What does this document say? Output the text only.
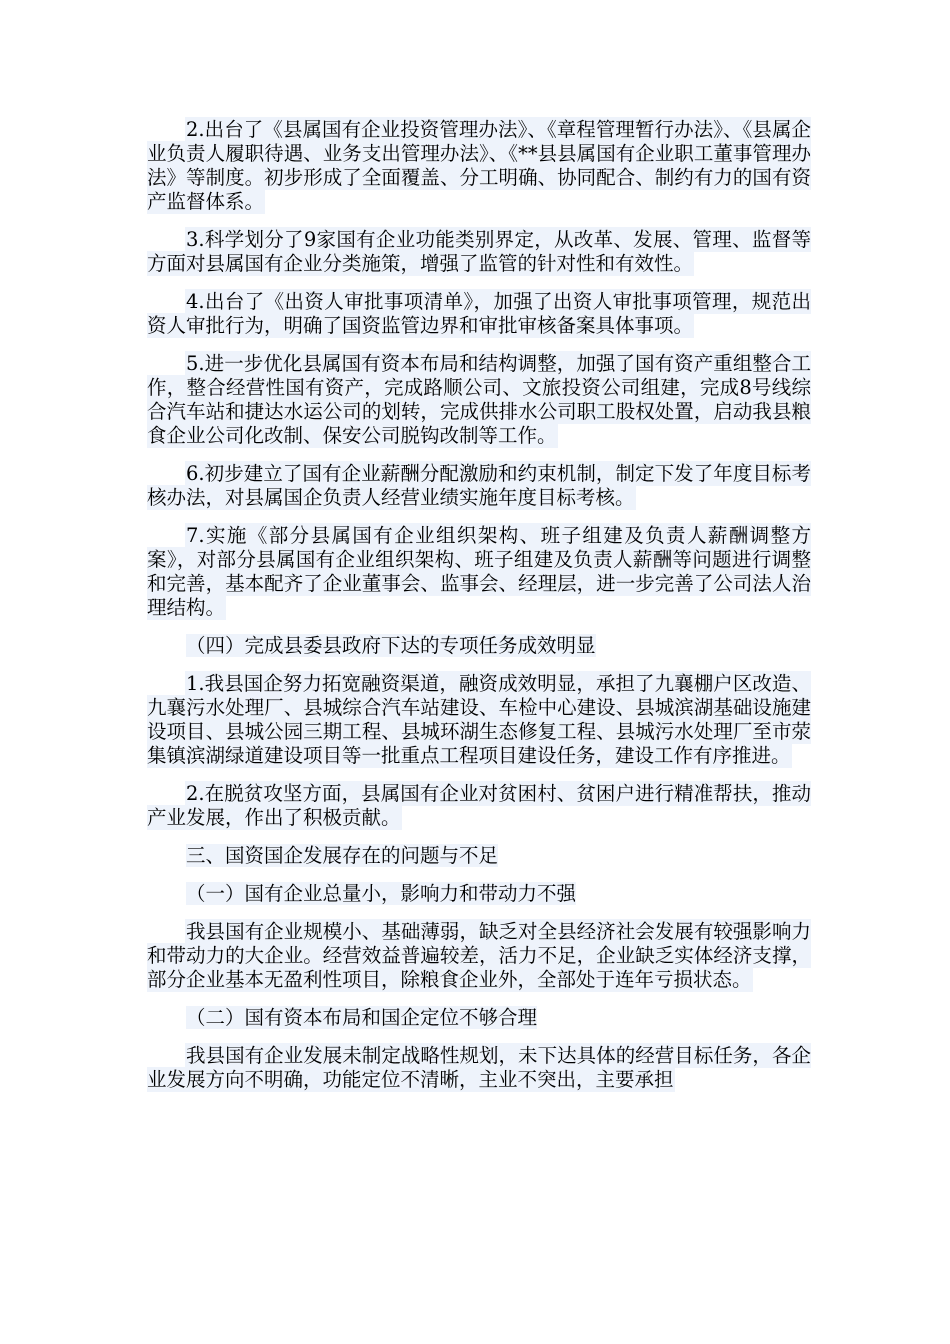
2.出台了《县属国有企业投资管理办法》、《章程管理暂行办法》、《县属企业负责人履职待遇、业务支出管理办法》、《**县县属国有企业职工董事管理办法》等制度。初步形成了全面覆盖、分工明确、协同配合、制约有力的国有资产监督体系。

3.科学划分了9家国有企业功能类别界定，从改革、发展、管理、监督等方面对县属国有企业分类施策，增强了监管的针对性和有效性。

4.出台了《出资人审批事项清单》，加强了出资人审批事项管理，规范出资人审批行为，明确了国资监管边界和审批审核备案具体事项。

5.进一步优化县属国有资本布局和结构调整，加强了国有资产重组整合工作，整合经营性国有资产，完成路顺公司、文旅投资公司组建，完成8号线综合汽车站和捷达水运公司的划转，完成供排水公司职工股权处置，启动我县粮食企业公司化改制、保安公司脱钩改制等工作。

6.初步建立了国有企业薪酬分配激励和约束机制，制定下发了年度目标考核办法，对县属国企负责人经营业绩实施年度目标考核。

7.实施《部分县属国有企业组织架构、班子组建及负责人薪酬调整方案》，对部分县属国有企业组织架构、班子组建及负责人薪酬等问题进行调整和完善，基本配齐了企业董事会、监事会、经理层，进一步完善了公司法人治理结构。

（四）完成县委县政府下达的专项任务成效明显

1.我县国企努力拓宽融资渠道，融资成效明显，承担了九襄棚户区改造、九襄污水处理厂、县城综合汽车站建设、车检中心建设、县城滨湖基础设施建设项目、县城公园三期工程、县城环湖生态修复工程、县城污水处理厂至市荥集镇滨湖绿道建设项目等一批重点工程项目建设任务，建设工作有序推进。

2.在脱贫攻坚方面，县属国有企业对贫困村、贫困户进行精准帮扶，推动产业发展，作出了积极贡献。

三、国资国企发展存在的问题与不足

（一）国有企业总量小，影响力和带动力不强

我县国有企业规模小、基础薄弱，缺乏对全县经济社会发展有较强影响力和带动力的大企业。经营效益普遍较差，活力不足，企业缺乏实体经济支撑，部分企业基本无盈利性项目，除粮食企业外，全部处于连年亏损状态。

（二）国有资本布局和国企定位不够合理

我县国有企业发展未制定战略性规划，未下达具体的经营目标任务，各企业发展方向不明确，功能定位不清晰，主业不突出，主要承担
